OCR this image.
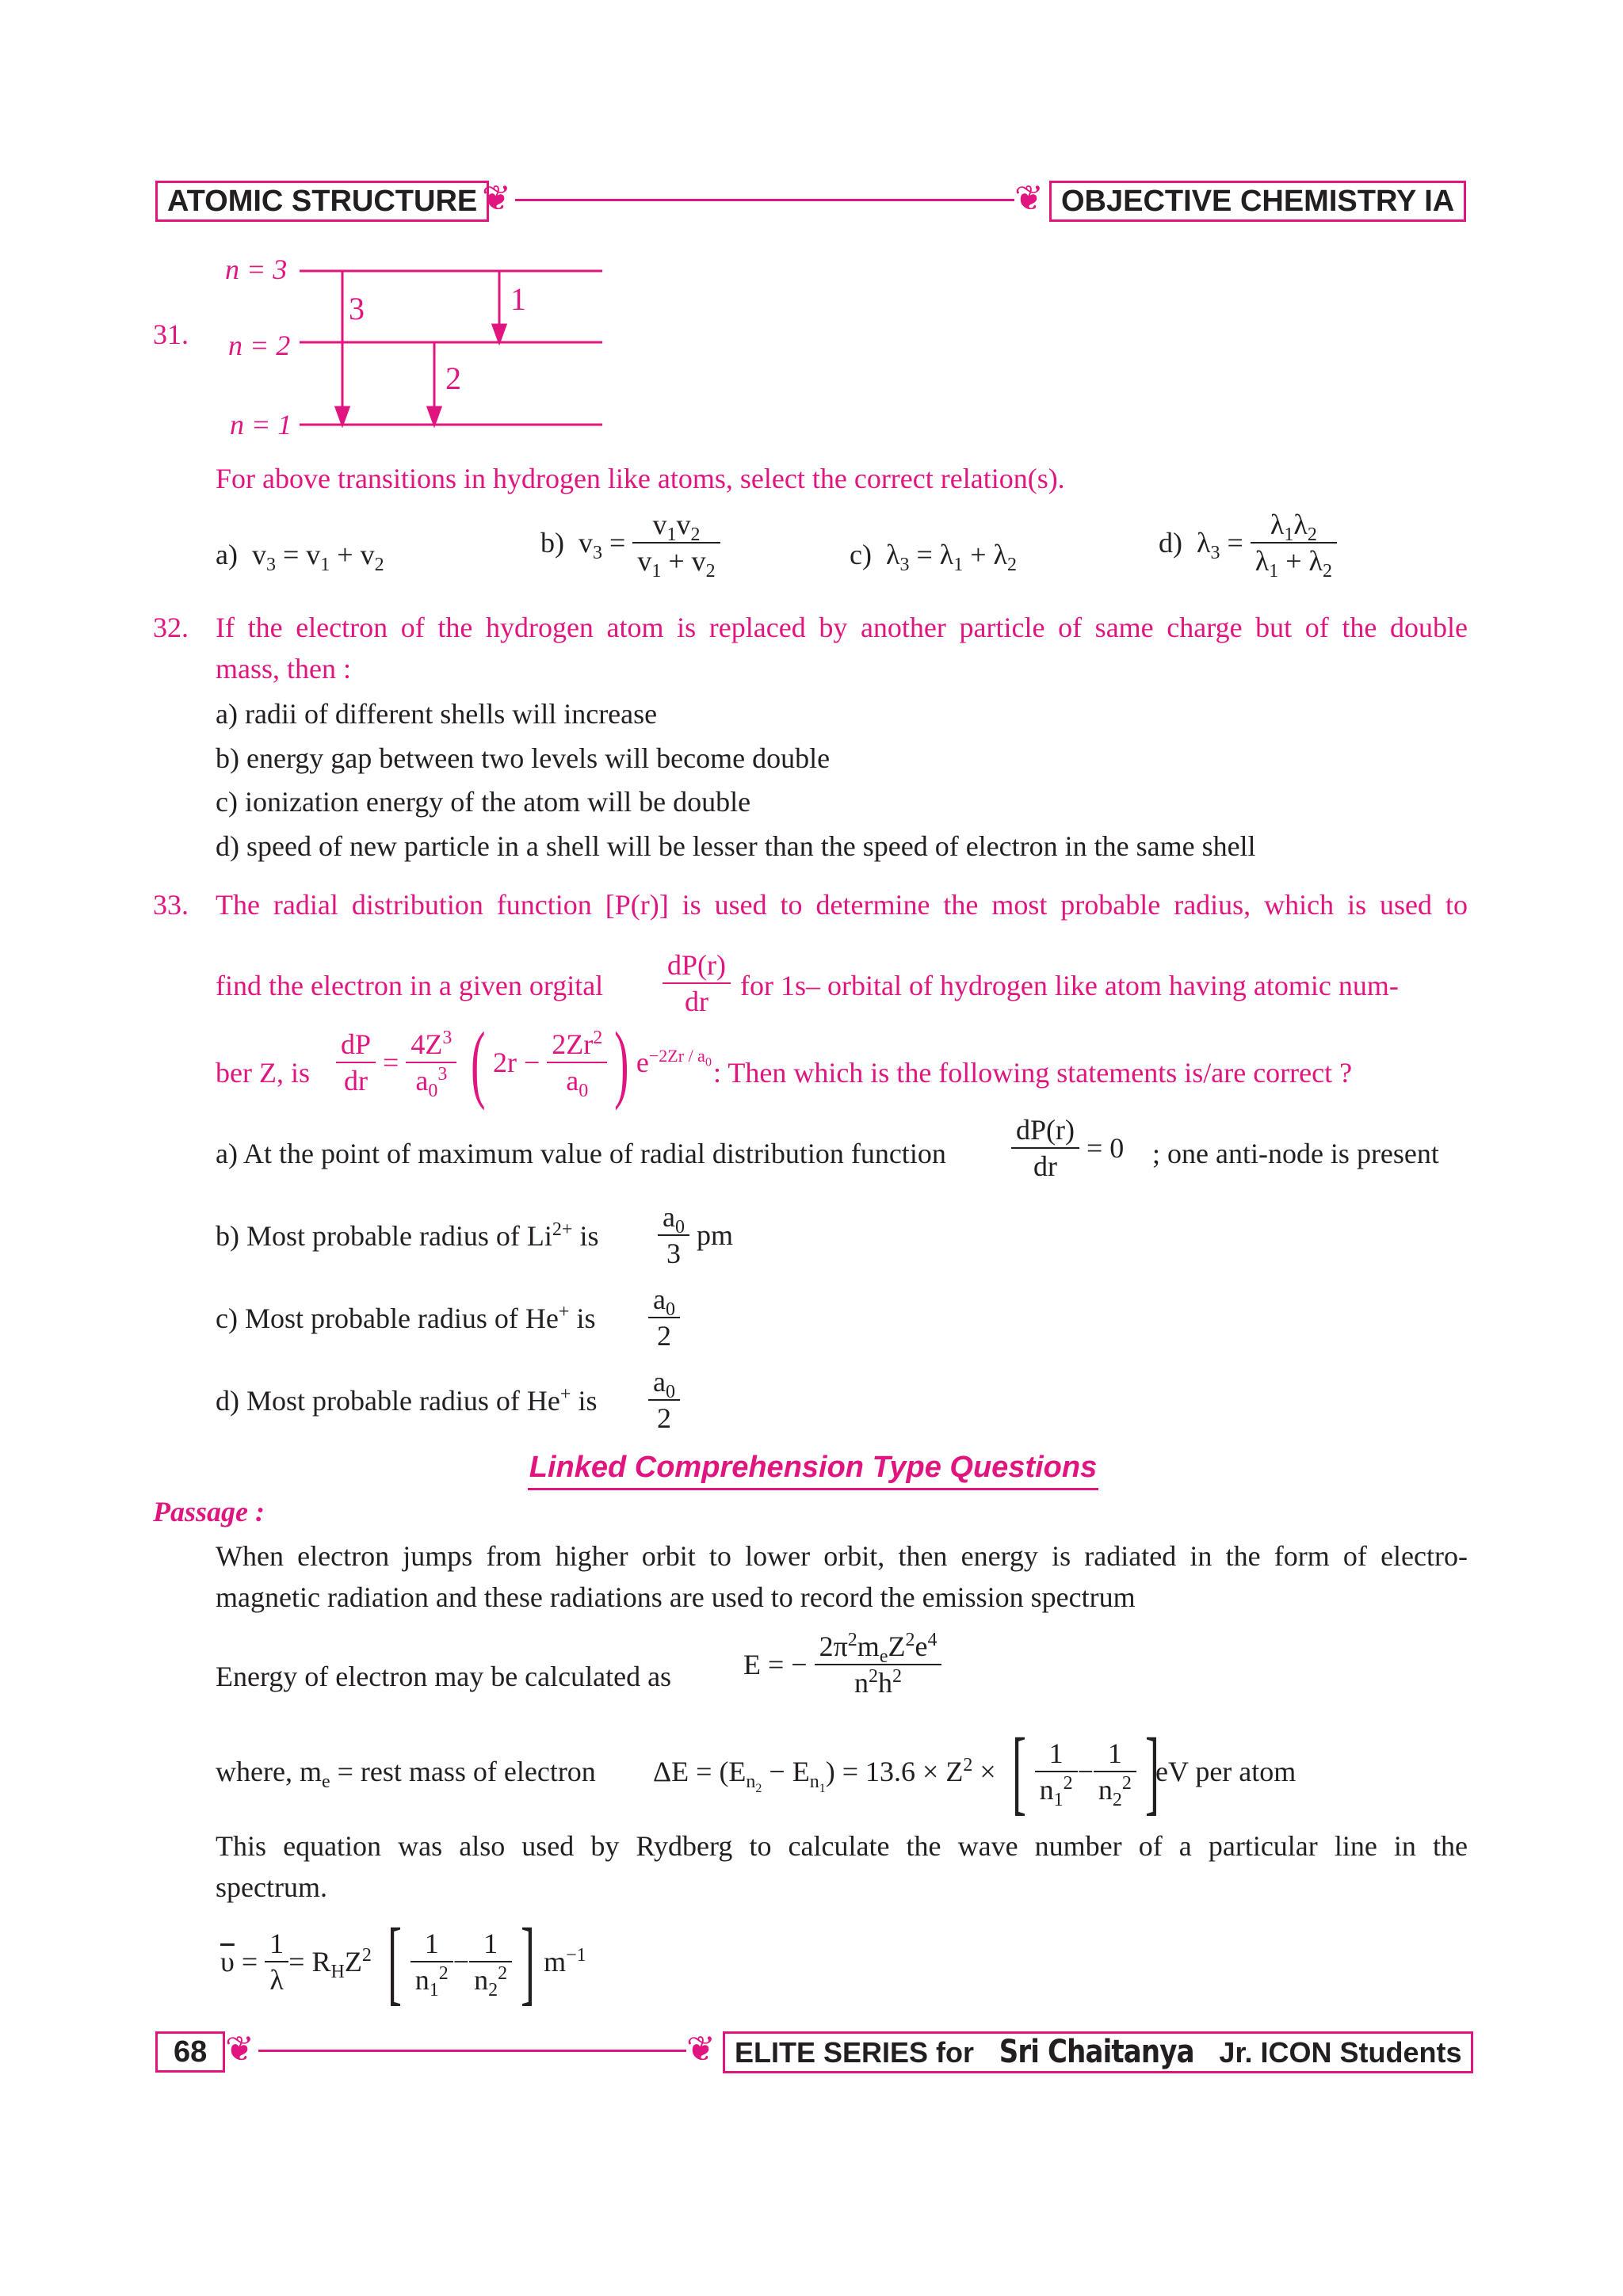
ATOMIC STRUCTURE ❦	❦ OBJECTIVE CHEMISTRY IA
31.
n = 3
n = 2
n = 1
3	1
2
For above transitions in hydrogen like atoms, select the correct relation(s).
a)  $v_3 = v_1 + v_2$
b) $v_3 = \frac{v_1v_2}{v_1 + v_2}$	c)  $\lambda_3 = \lambda_1 + \lambda_2$
d) $\lambda_3 = \frac{\lambda_1\lambda_2}{\lambda_1 + \lambda_2}$
32. If the electron of the hydrogen atom is replaced by another particle of same charge but of the double
mass, then :
a) radii of different shells will increase
b) energy gap between two levels will become double
c) ionization energy of the atom will be double
d) speed of new particle in a shell will be lesser than the speed of electron in the same shell
33. The radial distribution function [P(r)] is used to determine the most probable radius, which is used to
find the electron in a given orgital $\frac{dP(r)}{dr}$ for 1s– orbital of hydrogen like atom having atomic num-
ber Z, is $\frac{dP}{dr} = \frac{4Z^3}{a_0^3}$ ( $2r - \frac{2Zr^2}{a_0}$ ) $e^{-2Zr / a_0}$ : Then which is the following statements is/are correct ?
a) At the point of maximum value of radial distribution function $\frac{dP(r)}{dr} = 0$ ; one anti-node is present
b) Most probable radius of $Li^{2+}$ is $\frac{a_0}{3}$ pm
c) Most probable radius of He+ is $\frac{a_0}{2}$
d) Most probable radius of He+ is $\frac{a_0}{2}$
Linked Comprehension Type Questions
Passage :
When electron jumps from higher orbit to lower orbit, then energy is radiated in the form of electro-
magnetic radiation and these radiations are used to record the emission spectrum
Energy of electron may be calculated as	E = − $\frac{2\pi^2m_eZ^2e^4}{n^2h^2}$
where, $m_e$ = rest mass of electron $\Delta E = (E_{n_2} - E_{n_1}) = 13.6 \times Z^2$ × [ $\frac{1}{n_1^2} - \frac{1}{n_2^2}$ ]
eV per atom
This equation was also used by Rydberg to calculate the wave number of a particular line in the
spectrum.
$\overline{\upsilon} = \frac{1}{\lambda} = R_HZ^2$ [ $\frac{1}{n_1^2} - \frac{1}{n_2^2}$ ] $m^{-1}$
68 ❦	❦ ELITE SERIES for Sri Chaitanya Jr. ICON Students
